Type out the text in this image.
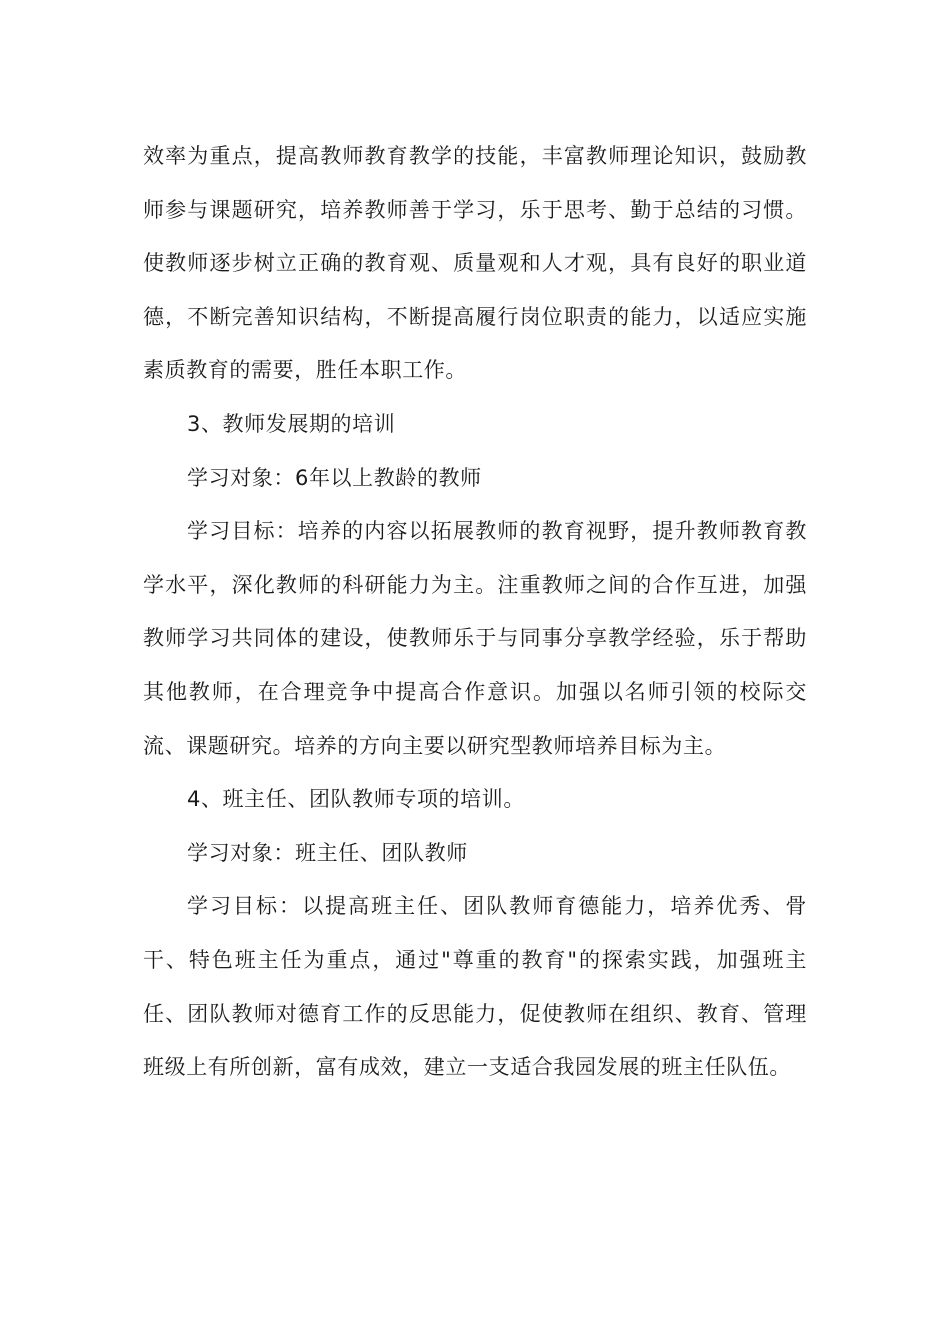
效率为重点，提高教师教育教学的技能，丰富教师理论知识，鼓励教师参与课题研究，培养教师善于学习，乐于思考、勤于总结的习惯。使教师逐步树立正确的教育观、质量观和人才观，具有良好的职业道德，不断完善知识结构，不断提高履行岗位职责的能力，以适应实施素质教育的需要，胜任本职工作。

3、教师发展期的培训

学习对象：6年以上教龄的教师

学习目标：培养的内容以拓展教师的教育视野，提升教师教育教学水平，深化教师的科研能力为主。注重教师之间的合作互进，加强教师学习共同体的建设，使教师乐于与同事分享教学经验，乐于帮助其他教师，在合理竞争中提高合作意识。加强以名师引领的校际交流、课题研究。培养的方向主要以研究型教师培养目标为主。

4、班主任、团队教师专项的培训。

学习对象：班主任、团队教师

学习目标：以提高班主任、团队教师育德能力，培养优秀、骨干、特色班主任为重点，通过"尊重的教育"的探索实践，加强班主任、团队教师对德育工作的反思能力，促使教师在组织、教育、管理班级上有所创新，富有成效，建立一支适合我园发展的班主任队伍。
